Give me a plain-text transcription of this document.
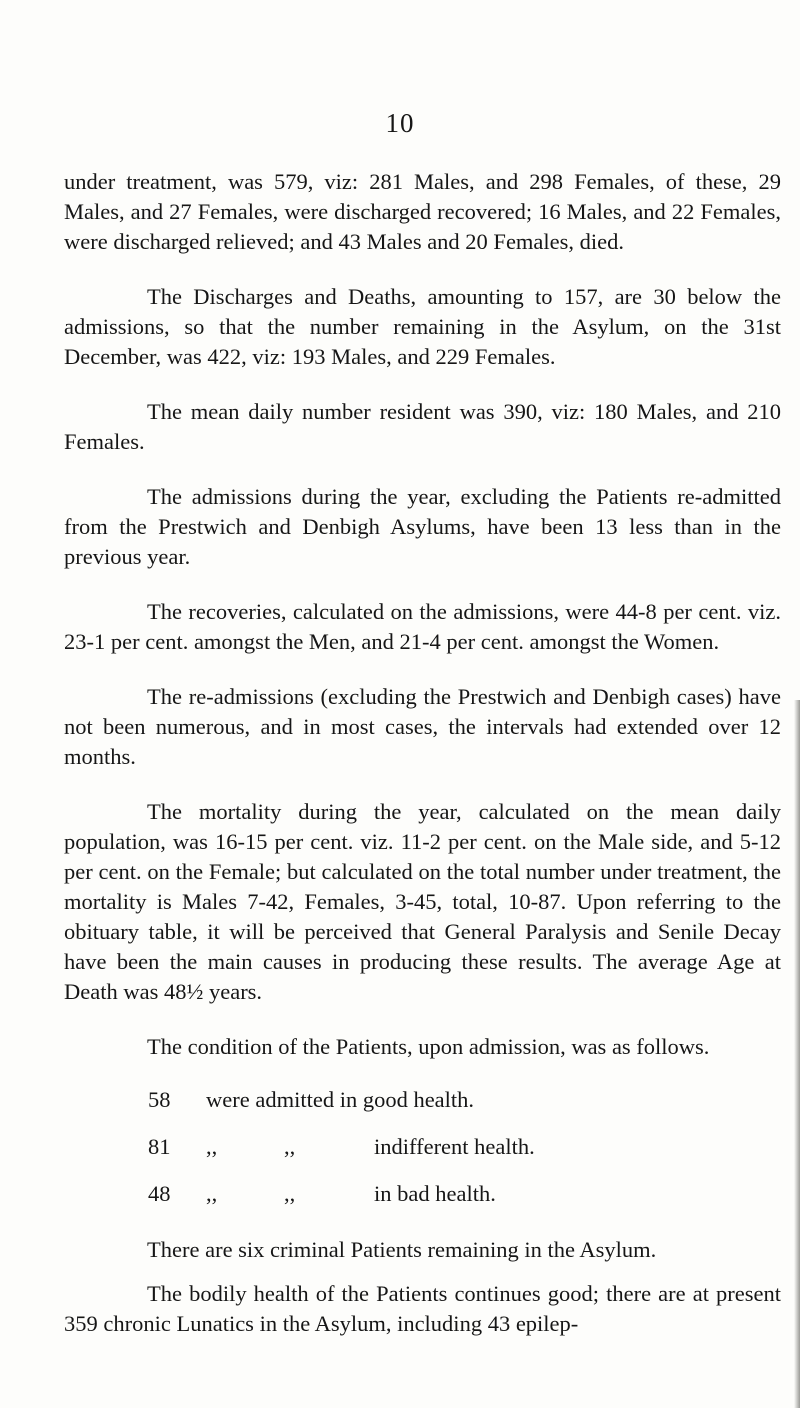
10

under treatment, was 579, viz: 281 Males, and 298 Females, of these, 29 Males, and 27 Females, were discharged recovered; 16 Males, and 22 Females, were discharged relieved; and 43 Males and 20 Females, died.

The Discharges and Deaths, amounting to 157, are 30 below the admissions, so that the number remaining in the Asylum, on the 31st December, was 422, viz: 193 Males, and 229 Females.

The mean daily number resident was 390, viz: 180 Males, and 210 Females.

The admissions during the year, excluding the Patients re-admitted from the Prestwich and Denbigh Asylums, have been 13 less than in the previous year.

The recoveries, calculated on the admissions, were 44-8 per cent. viz. 23-1 per cent. amongst the Men, and 21-4 per cent. amongst the Women.

The re-admissions (excluding the Prestwich and Denbigh cases) have not been numerous, and in most cases, the intervals had extended over 12 months.

The mortality during the year, calculated on the mean daily population, was 16-15 per cent. viz. 11-2 per cent. on the Male side, and 5-12 per cent. on the Female; but calculated on the total number under treatment, the mortality is Males 7-42, Females, 3-45, total, 10-87. Upon referring to the obituary table, it will be perceived that General Paralysis and Senile Decay have been the main causes in producing these results. The average Age at Death was 48½ years.

The condition of the Patients, upon admission, was as follows.

58	were admitted in good health.
81	,,	,,	indifferent health.
48	,,	,,	in bad health.

There are six criminal Patients remaining in the Asylum.

The bodily health of the Patients continues good; there are at present 359 chronic Lunatics in the Asylum, including 43 epilep-
